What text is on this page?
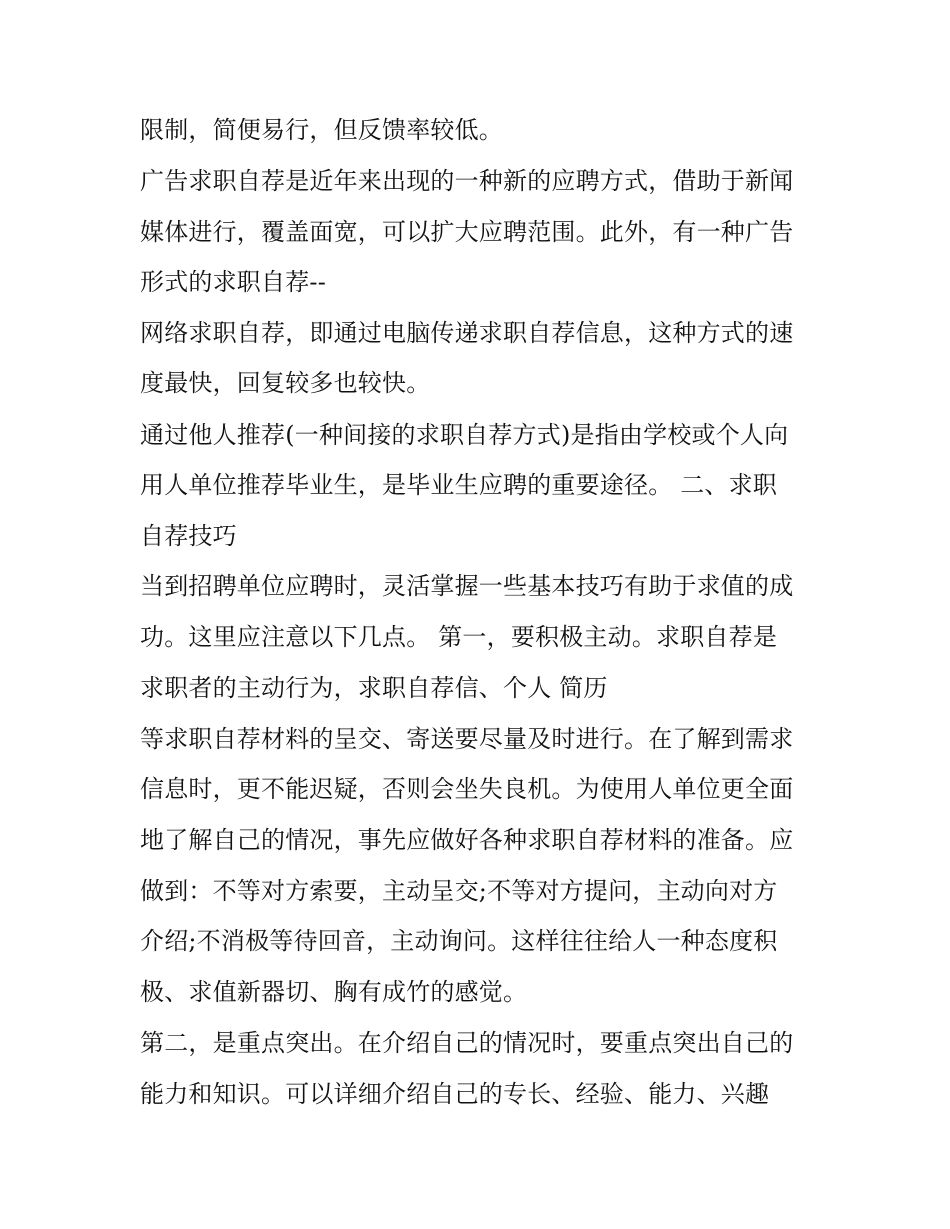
限制，简便易行，但反馈率较低。
广告求职自荐是近年来出现的一种新的应聘方式，借助于新闻
媒体进行，覆盖面宽，可以扩大应聘范围。此外，有一种广告
形式的求职自荐--
网络求职自荐，即通过电脑传递求职自荐信息，这种方式的速
度最快，回复较多也较快。
通过他人推荐(一种间接的求职自荐方式)是指由学校或个人向
用人单位推荐毕业生，是毕业生应聘的重要途径。 二、求职
自荐技巧
当到招聘单位应聘时，灵活掌握一些基本技巧有助于求值的成
功。这里应注意以下几点。 第一，要积极主动。求职自荐是
求职者的主动行为，求职自荐信、个人 简历
等求职自荐材料的呈交、寄送要尽量及时进行。在了解到需求
信息时，更不能迟疑，否则会坐失良机。为使用人单位更全面
地了解自己的情况，事先应做好各种求职自荐材料的准备。应
做到：不等对方索要，主动呈交;不等对方提问，主动向对方
介绍;不消极等待回音，主动询问。这样往往给人一种态度积
极、求值新器切、胸有成竹的感觉。
第二，是重点突出。在介绍自己的情况时，要重点突出自己的
能力和知识。可以详细介绍自己的专长、经验、能力、兴趣
